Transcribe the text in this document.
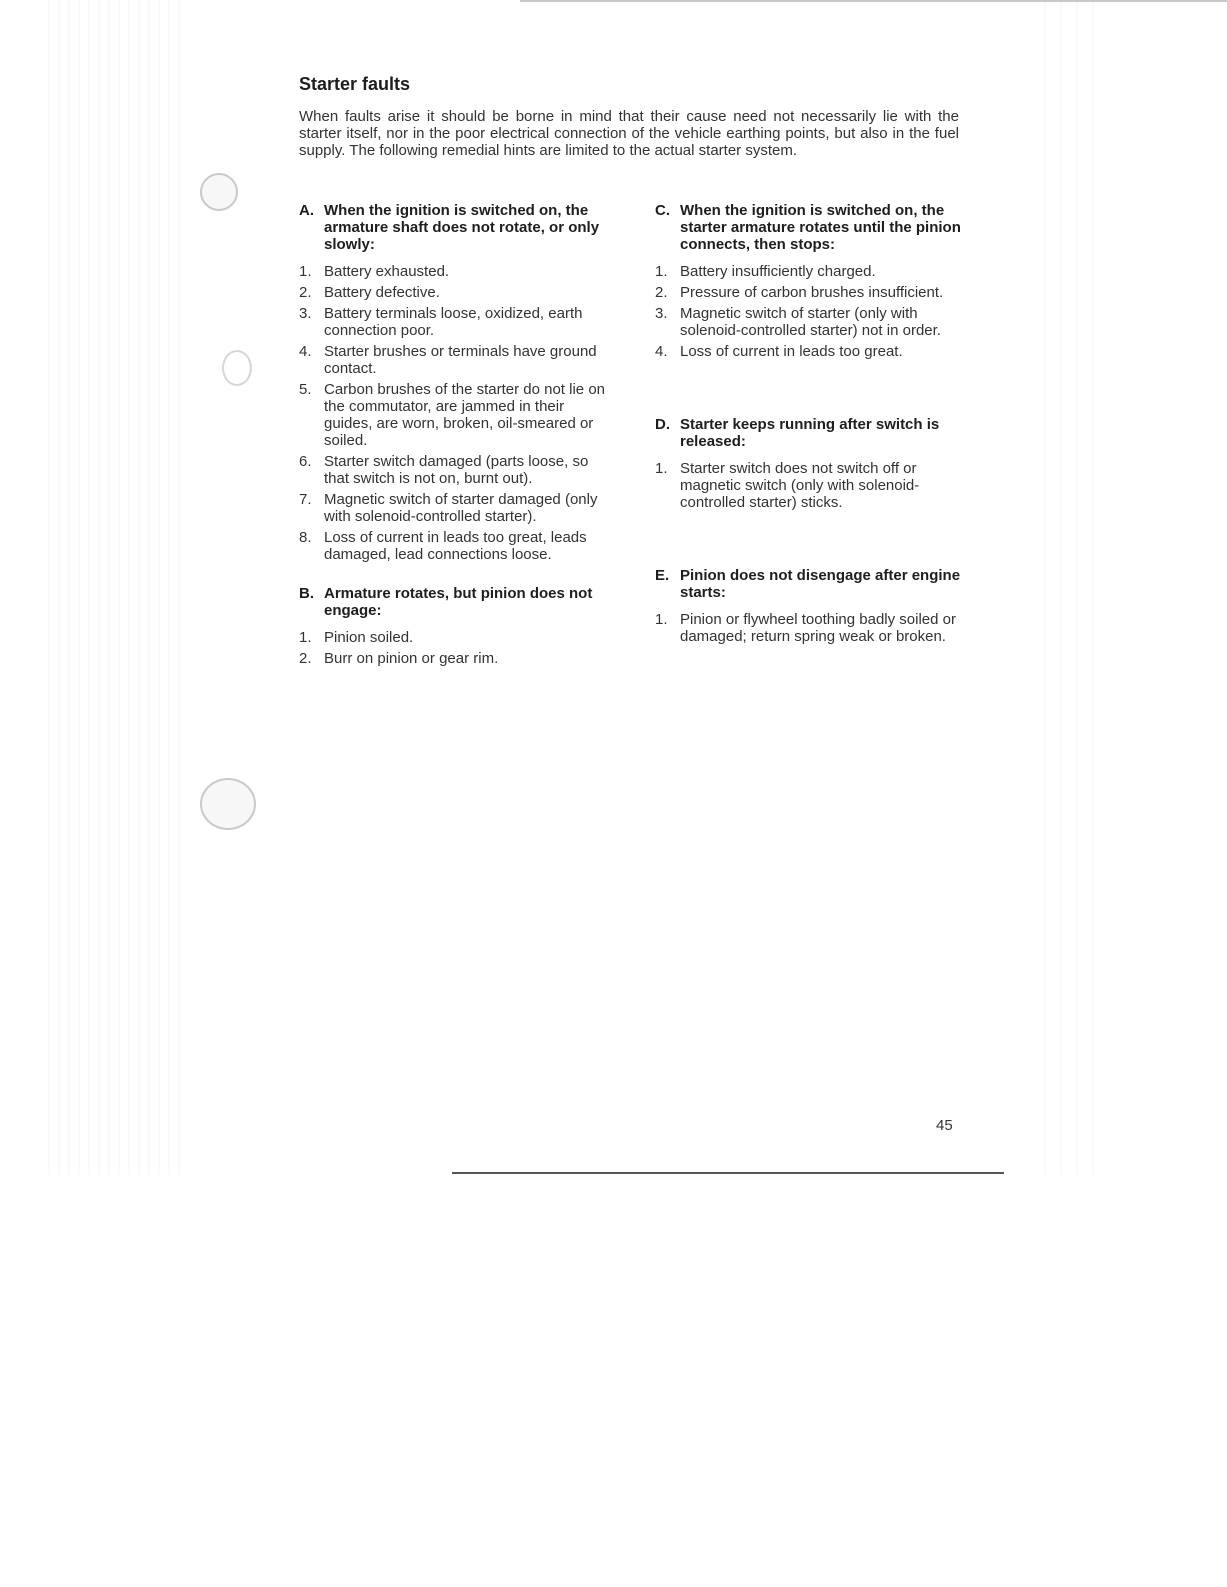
Starter faults

When faults arise it should be borne in mind that their cause need not necessarily lie with the starter itself, nor in the poor electrical connection of the vehicle earthing points, but also in the fuel supply. The following remedial hints are limited to the actual starter system.

A. When the ignition is switched on, the armature shaft does not rotate, or only slowly:
1. Battery exhausted.
2. Battery defective.
3. Battery terminals loose, oxidized, earth connection poor.
4. Starter brushes or terminals have ground contact.
5. Carbon brushes of the starter do not lie on the commutator, are jammed in their guides, are worn, broken, oil-smeared or soiled.
6. Starter switch damaged (parts loose, so that switch is not on, burnt out).
7. Magnetic switch of starter damaged (only with solenoid-controlled starter).
8. Loss of current in leads too great, leads damaged, lead connections loose.
B. Armature rotates, but pinion does not engage:
1. Pinion soiled.
2. Burr on pinion or gear rim.
C. When the ignition is switched on, the starter armature rotates until the pinion connects, then stops:
1. Battery insufficiently charged.
2. Pressure of carbon brushes insufficient.
3. Magnetic switch of starter (only with solenoid-controlled starter) not in order.
4. Loss of current in leads too great.
D. Starter keeps running after switch is released:
1. Starter switch does not switch off or magnetic switch (only with solenoid-controlled starter) sticks.
E. Pinion does not disengage after engine starts:
1. Pinion or flywheel toothing badly soiled or damaged; return spring weak or broken.
45
